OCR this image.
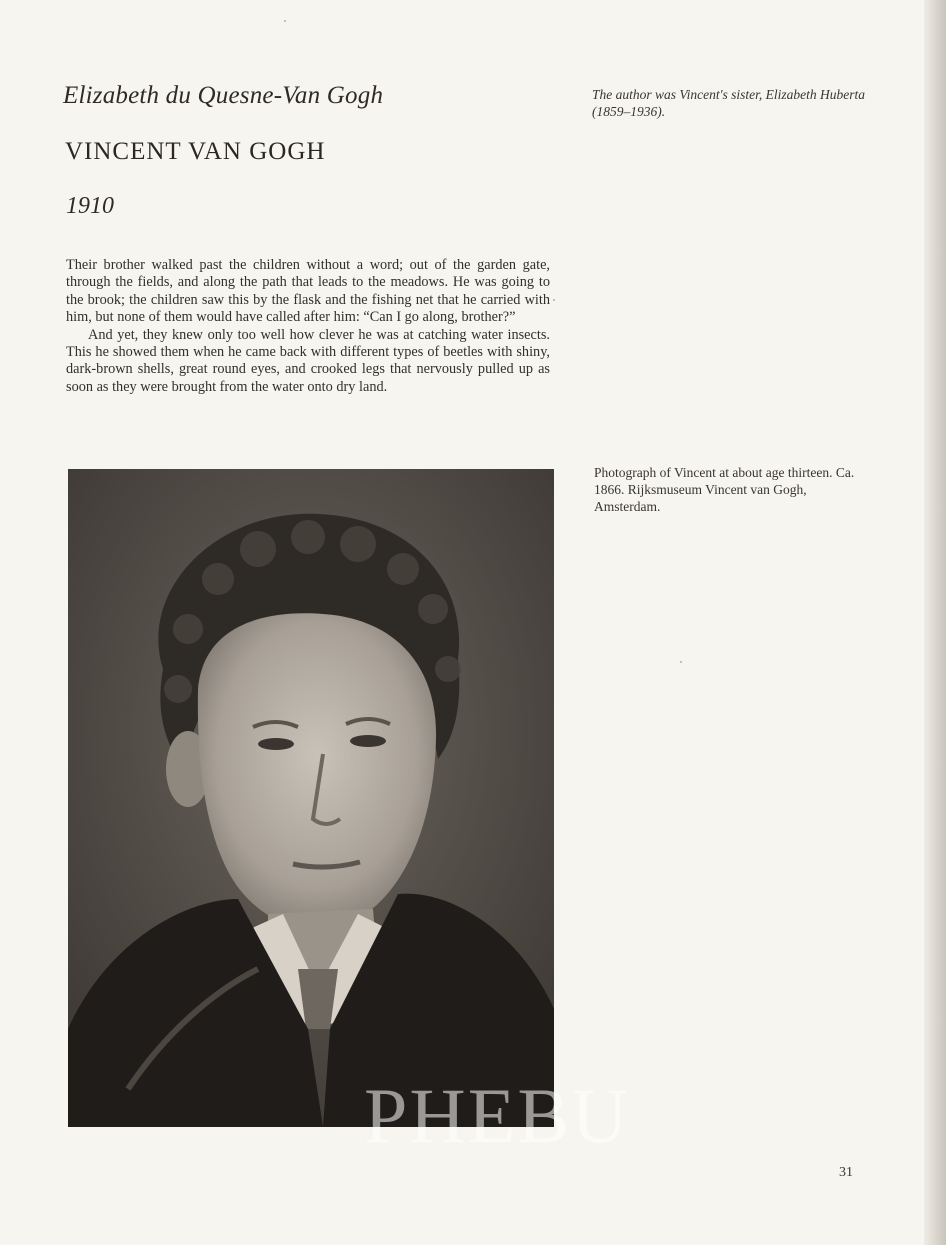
Elizabeth du Quesne-Van Gogh
VINCENT VAN GOGH
1910
The author was Vincent's sister, Elizabeth Huberta (1859–1936).

Their brother walked past the children without a word; out of the garden gate, through the fields, and along the path that leads to the meadows. He was going to the brook; the children saw this by the flask and the fishing net that he carried with him, but none of them would have called after him: “Can I go along, brother?”

And yet, they knew only too well how clever he was at catching water insects. This he showed them when he came back with different types of beetles with shiny, dark-brown shells, great round eyes, and crooked legs that nervously pulled up as soon as they were brought from the water onto dry land.

PHEBU
Photograph of Vincent at about age thirteen. Ca. 1866. Rijksmuseum Vincent van Gogh, Amsterdam.
31
